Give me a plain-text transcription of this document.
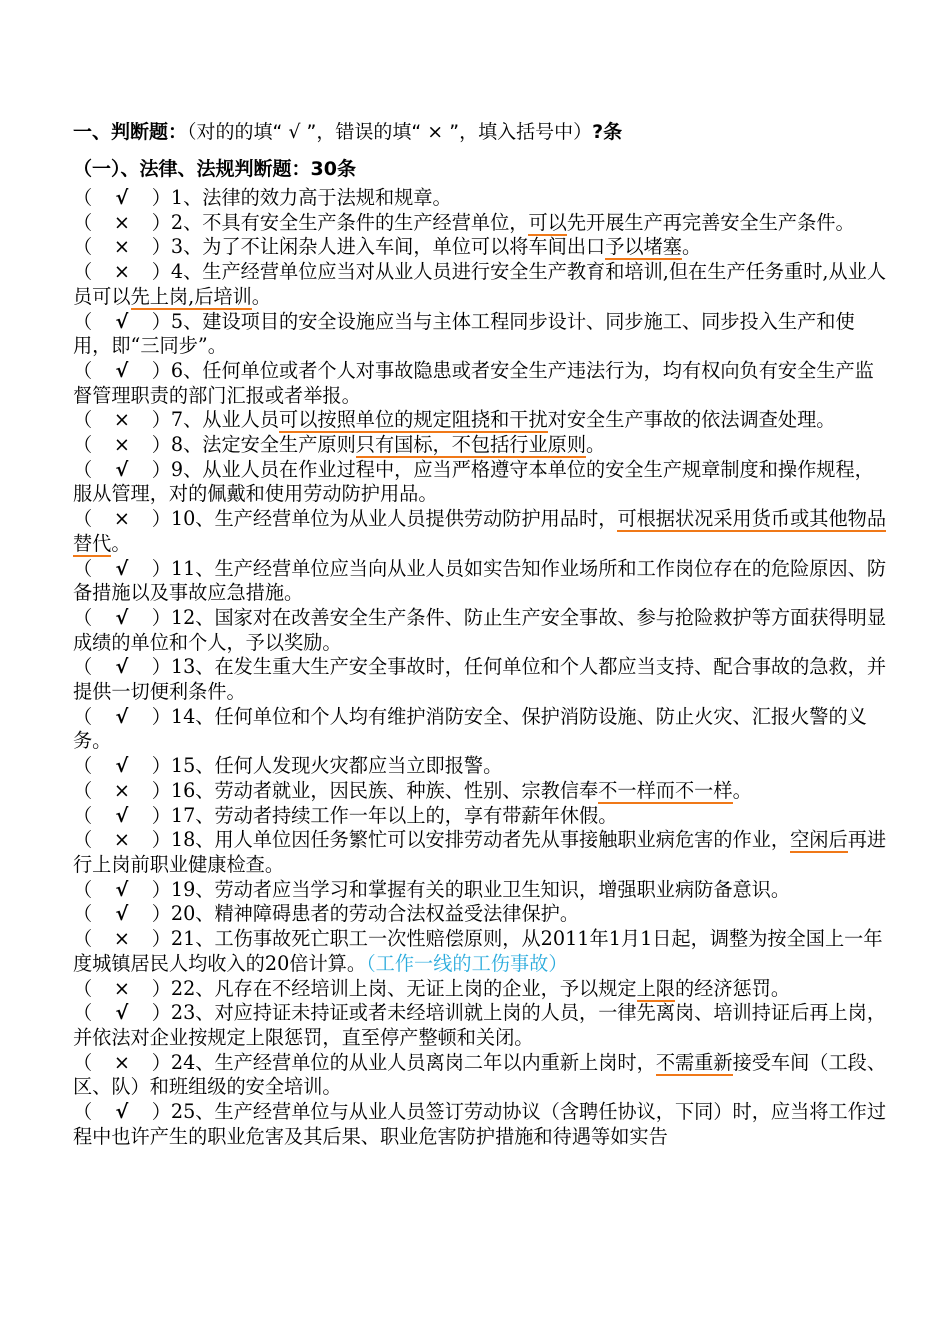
一、判断题：（对的的填“ √ ”，错误的填“ × ”，填入括号中）?条
（一）、法律、法规判断题：30条
（ √ ）1、法律的效力高于法规和规章。
（ × ）2、不具有安全生产条件的生产经营单位，可以先开展生产再完善安全生产条件。
（ × ）3、为了不让闲杂人进入车间，单位可以将车间出口予以堵塞。
（ × ）4、生产经营单位应当对从业人员进行安全生产教育和培训,但在生产任务重时,从业人员可以先上岗,后培训。
（ √ ）5、建设项目的安全设施应当与主体工程同步设计、同步施工、同步投入生产和使用，即“三同步”。
（ √ ）6、任何单位或者个人对事故隐患或者安全生产违法行为，均有权向负有安全生产监督管理职责的部门汇报或者举报。
（ × ）7、从业人员可以按照单位的规定阻挠和干扰对安全生产事故的依法调查处理。
（ × ）8、法定安全生产原则只有国标，不包括行业原则。
（ √ ）9、从业人员在作业过程中，应当严格遵守本单位的安全生产规章制度和操作规程，服从管理，对的佩戴和使用劳动防护用品。
（ × ）10、生产经营单位为从业人员提供劳动防护用品时，可根据状况采用货币或其他物品替代。
（ √ ）11、生产经营单位应当向从业人员如实告知作业场所和工作岗位存在的危险原因、防备措施以及事故应急措施。
（ √ ）12、国家对在改善安全生产条件、防止生产安全事故、参与抢险救护等方面获得明显成绩的单位和个人，予以奖励。
（ √ ）13、在发生重大生产安全事故时，任何单位和个人都应当支持、配合事故的急救，并提供一切便利条件。
（ √ ）14、任何单位和个人均有维护消防安全、保护消防设施、防止火灾、汇报火警的义务。
（ √ ）15、任何人发现火灾都应当立即报警。
（ × ）16、劳动者就业，因民族、种族、性别、宗教信奉不一样而不一样。
（ √ ）17、劳动者持续工作一年以上的，享有带薪年休假。
（ × ）18、用人单位因任务繁忙可以安排劳动者先从事接触职业病危害的作业，空闲后再进行上岗前职业健康检查。
（ √ ）19、劳动者应当学习和掌握有关的职业卫生知识，增强职业病防备意识。
（ √ ）20、精神障碍患者的劳动合法权益受法律保护。
（ × ）21、工伤事故死亡职工一次性赔偿原则，从2011年1月1日起，调整为按全国上一年度城镇居民人均收入的20倍计算。（工作一线的工伤事故）
（ × ）22、凡存在不经培训上岗、无证上岗的企业，予以规定上限的经济惩罚。
（ √ ）23、对应持证未持证或者未经培训就上岗的人员，一律先离岗、培训持证后再上岗，并依法对企业按规定上限惩罚，直至停产整顿和关闭。
（ × ）24、生产经营单位的从业人员离岗二年以内重新上岗时，不需重新接受车间（工段、区、队）和班组级的安全培训。
（ √ ）25、生产经营单位与从业人员签订劳动协议（含聘任协议，下同）时，应当将工作过程中也许产生的职业危害及其后果、职业危害防护措施和待遇等如实告
